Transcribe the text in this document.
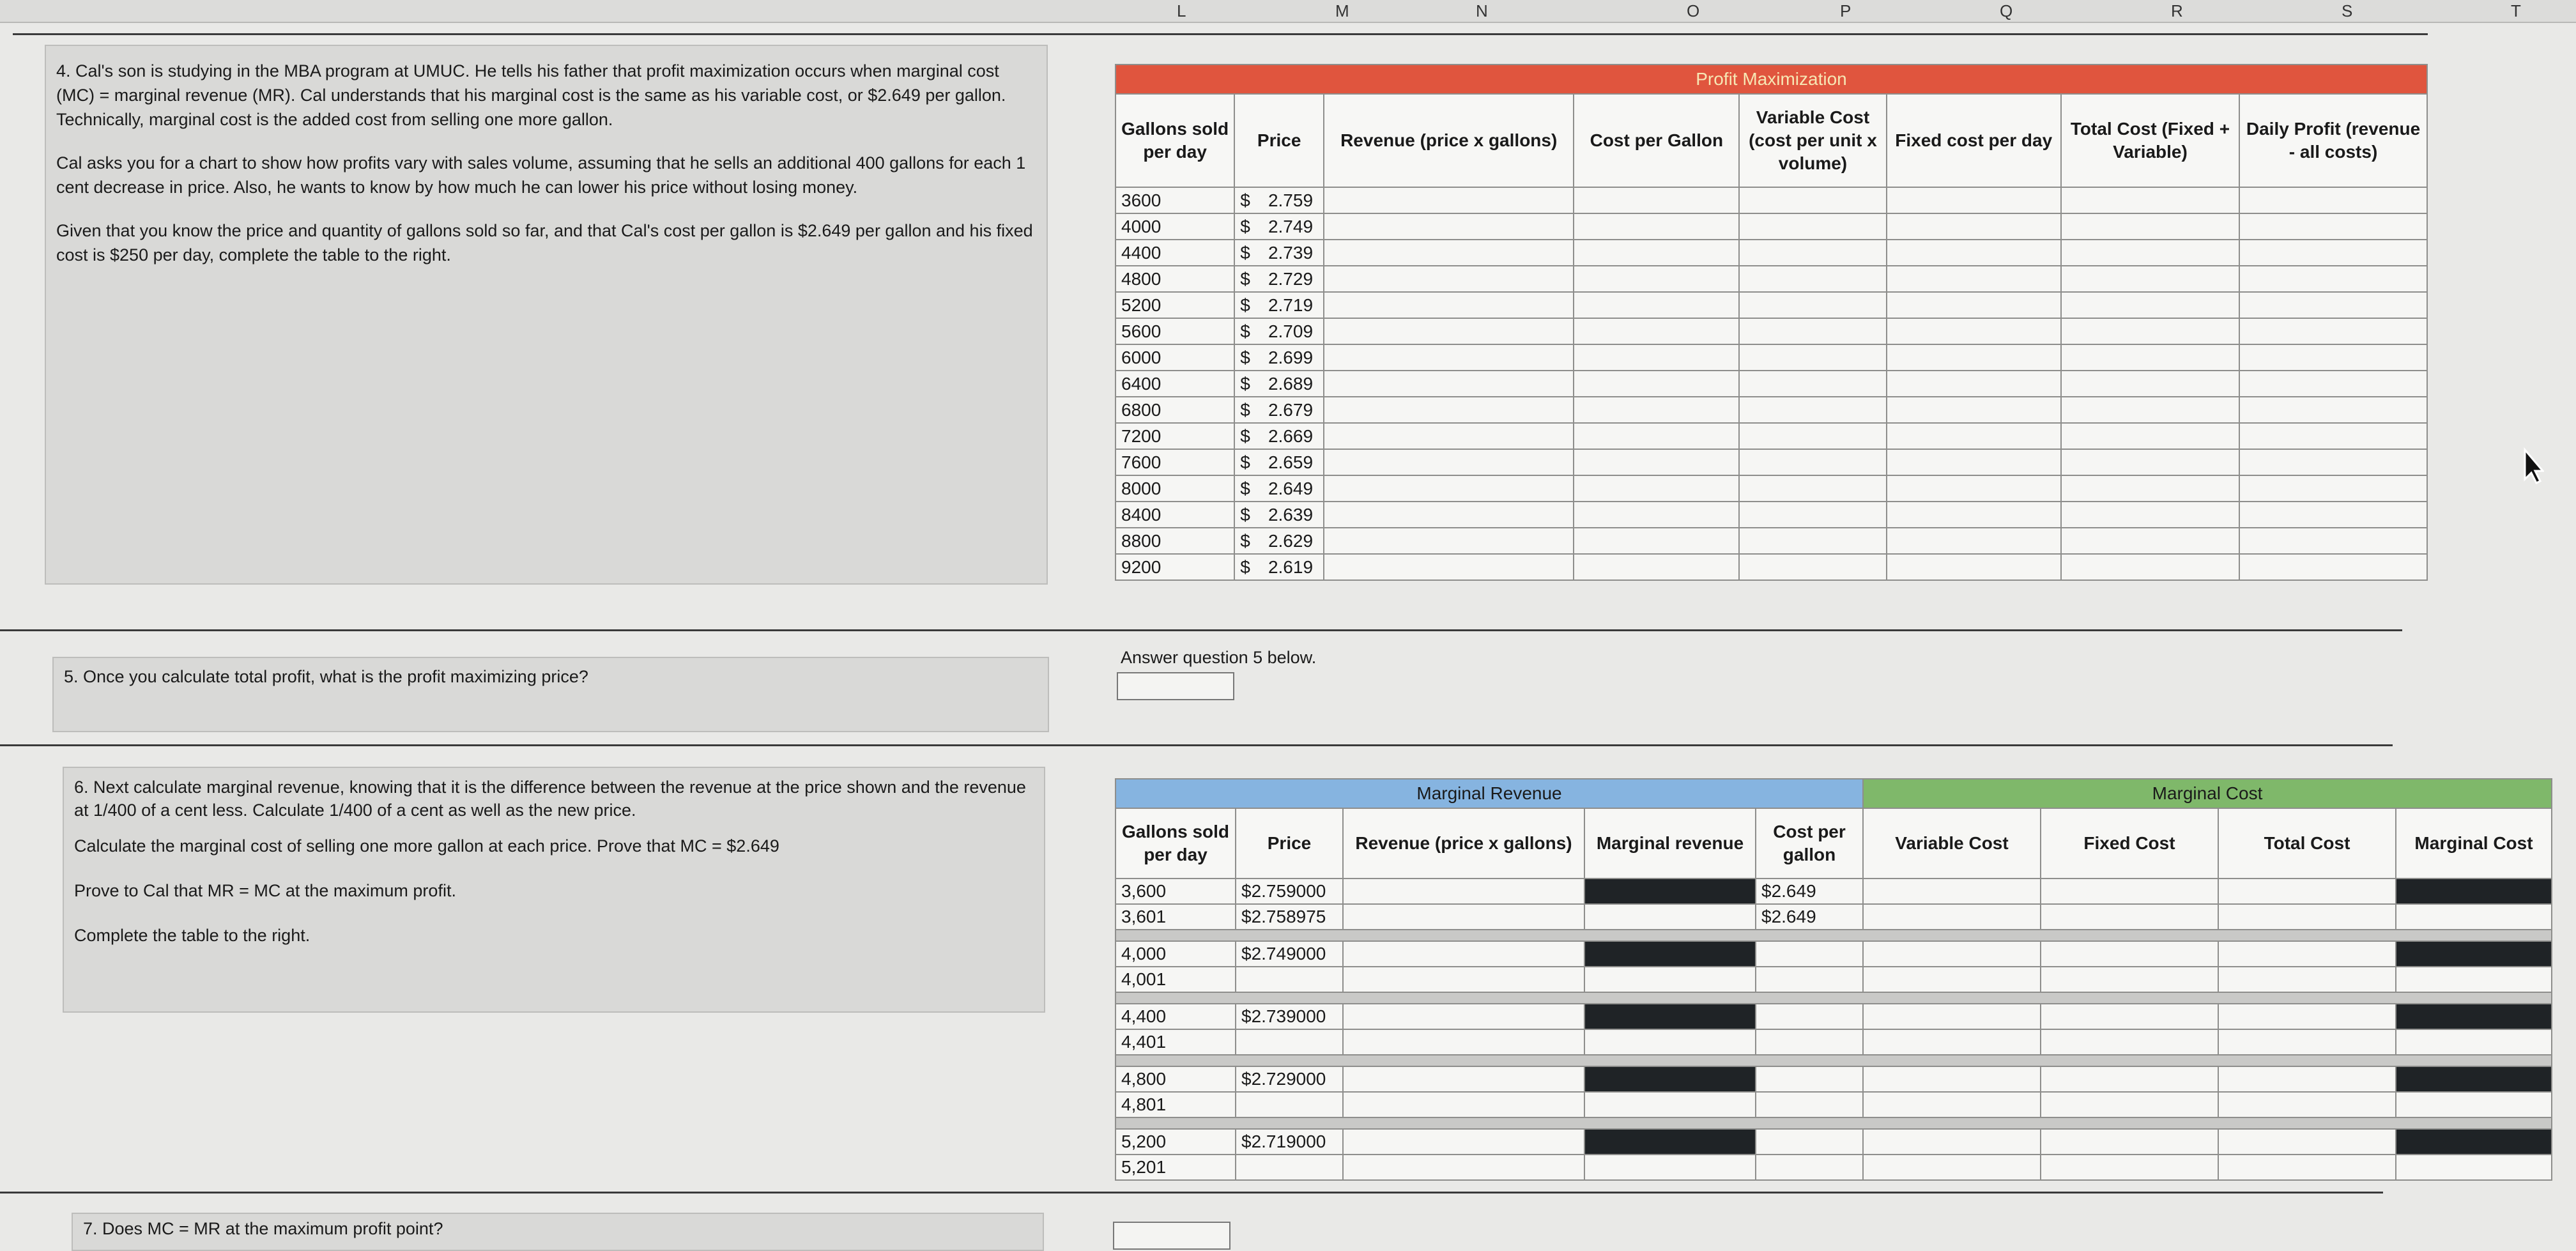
L	M	N	O	P	Q	R	S	T

4. Cal's son is studying in the MBA program at UMUC. He tells his father that profit maximization occurs when marginal cost (MC) = marginal revenue (MR). Cal understands that his marginal cost is the same as his variable cost, or $2.649 per gallon. Technically, marginal cost is the added cost from selling one more gallon.

Cal asks you for a chart to show how profits vary with sales volume, assuming that he sells an additional 400 gallons for each 1 cent decrease in price. Also, he wants to know by how much he can lower his price without losing money.

Given that you know the price and quantity of gallons sold so far, and that Cal's cost per gallon is $2.649 per gallon and his fixed cost is $250 per day, complete the table to the right.

Profit Maximization								
Gallons sold per day	Price		Revenue (price x gallons)	Cost per Gallon	Variable Cost (cost per unit x volume)	Fixed cost per day	Total Cost (Fixed + Variable)	Daily Profit (revenue - all costs)
3600	$	2.759						
4000	$	2.749						
4400	$	2.739						
4800	$	2.729						
5200	$	2.719						
5600	$	2.709						
6000	$	2.699						
6400	$	2.689						
6800	$	2.679						
7200	$	2.669						
7600	$	2.659						
8000	$	2.649						
8400	$	2.639						
8800	$	2.629						
9200	$	2.619						

5. Once you calculate total profit, what is the profit maximizing price?

Answer question 5 below.

6. Next calculate marginal revenue, knowing that it is the difference between the revenue at the price shown and the revenue at 1/400 of a cent less. Calculate 1/400 of a cent as well as the new price.

Calculate the marginal cost of selling one more gallon at each price. Prove that MC = $2.649

Prove to Cal that MR = MC at the maximum profit.

Complete the table to the right.

Marginal Revenue					Marginal Cost			
Gallons sold per day	Price	Revenue (price x gallons)	Marginal revenue	Cost per gallon	Variable Cost	Fixed Cost	Total Cost	Marginal Cost
3,600	$2.759000			$2.649				
3,601	$2.758975			$2.649				

4,000	$2.749000							
4,001								

4,400	$2.739000							
4,401								

4,800	$2.729000							
4,801								

5,200	$2.719000							
5,201								

7. Does MC = MR at the maximum profit point?
